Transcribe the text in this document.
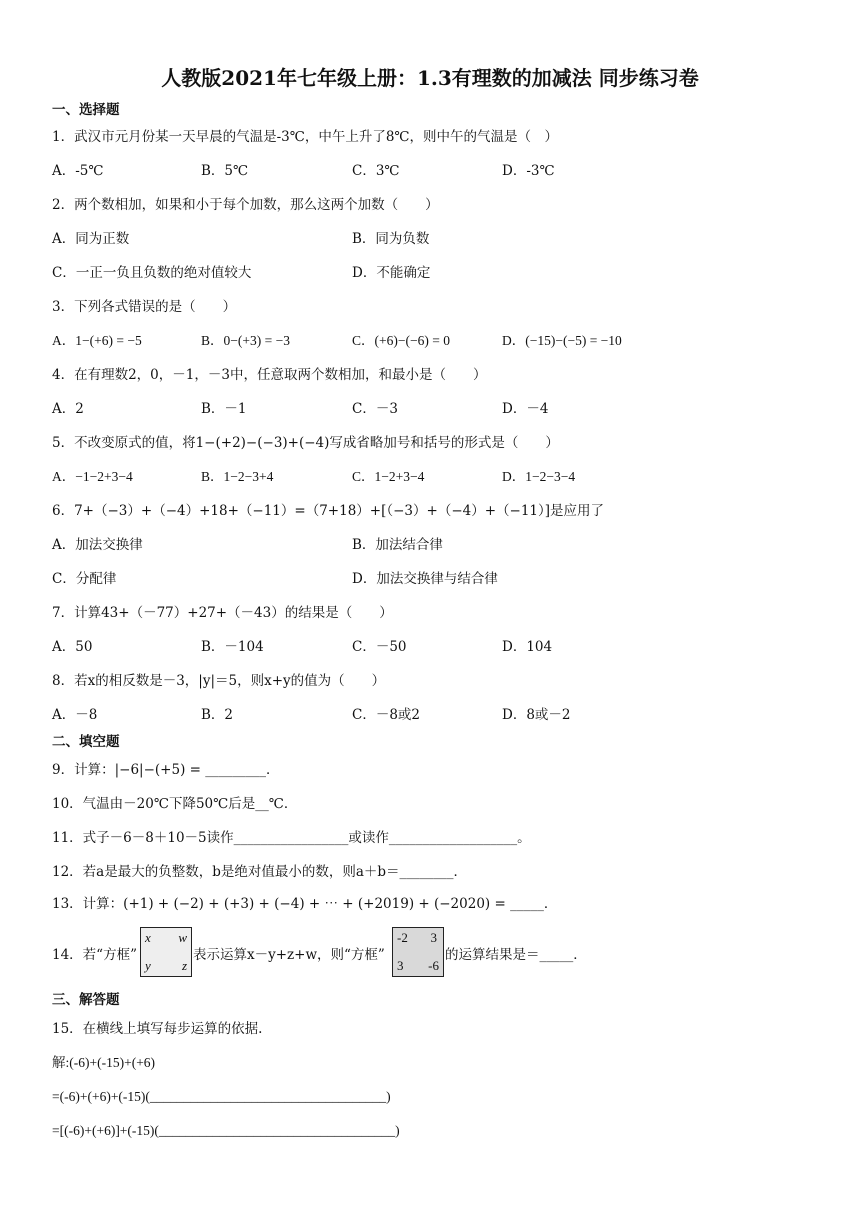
人教版2021年七年级上册：1.3有理数的加减法 同步练习卷
一、选择题
1．武汉市元月份某一天早晨的气温是-3℃，中午上升了8℃，则中午的气温是（　）
A．-5℃	B．5℃	C．3℃	D．-3℃
2．两个数相加，如果和小于每个加数，那么这两个加数（　　）
A．同为正数	B．同为负数
C．一正一负且负数的绝对值较大	D．不能确定
3．下列各式错误的是（　　）
A．1−(+6) = −5	B．0−(+3) = −3	C．(+6)−(−6) = 0	D．(−15)−(−5) = −10
4．在有理数2，0，－1，－3中，任意取两个数相加，和最小是（　　）
A．2	B．－1	C．－3	D．－4
5．不改变原式的值，将1−(+2)−(−3)+(−4)写成省略加号和括号的形式是（　　）
A．−1−2+3−4	B．1−2−3+4	C．1−2+3−4	D．1−2−3−4
6．7+（−3）+（−4）+18+（−11）=（7+18）+[（−3）+（−4）+（−11）]是应用了
A．加法交换律	B．加法结合律
C．分配律	D．加法交换律与结合律
7．计算43+（－77）+27+（－43）的结果是（　　）
A．50	B．－104	C．－50	D．104
8．若x的相反数是－3，|y|＝5，则x+y的值为（　　）
A．－8	B．2	C．－8或2	D．8或－2
二、填空题
9．计算：|−6|−(+5) = _________．
10．气温由－20℃下降50℃后是__℃．
11．式子－6－8＋10－5读作_________________或读作___________________。
12．若a是最大的负整数，b是绝对值最小的数，则a＋b＝________．
13．计算：(+1) + (−2) + (+3) + (−4) + ⋯ + (+2019) + (−2020) = _____．
14．若“方框”
x w
y z
表示运算x－y+z+w，则“方框”
-2 3
3 -6
的运算结果是＝_____．
三、解答题
15．在横线上填写每步运算的依据.
解:(-6)+(-15)+(+6)
=(-6)+(+6)+(-15)(___________________________________)
=[(-6)+(+6)]+(-15)(___________________________________)
